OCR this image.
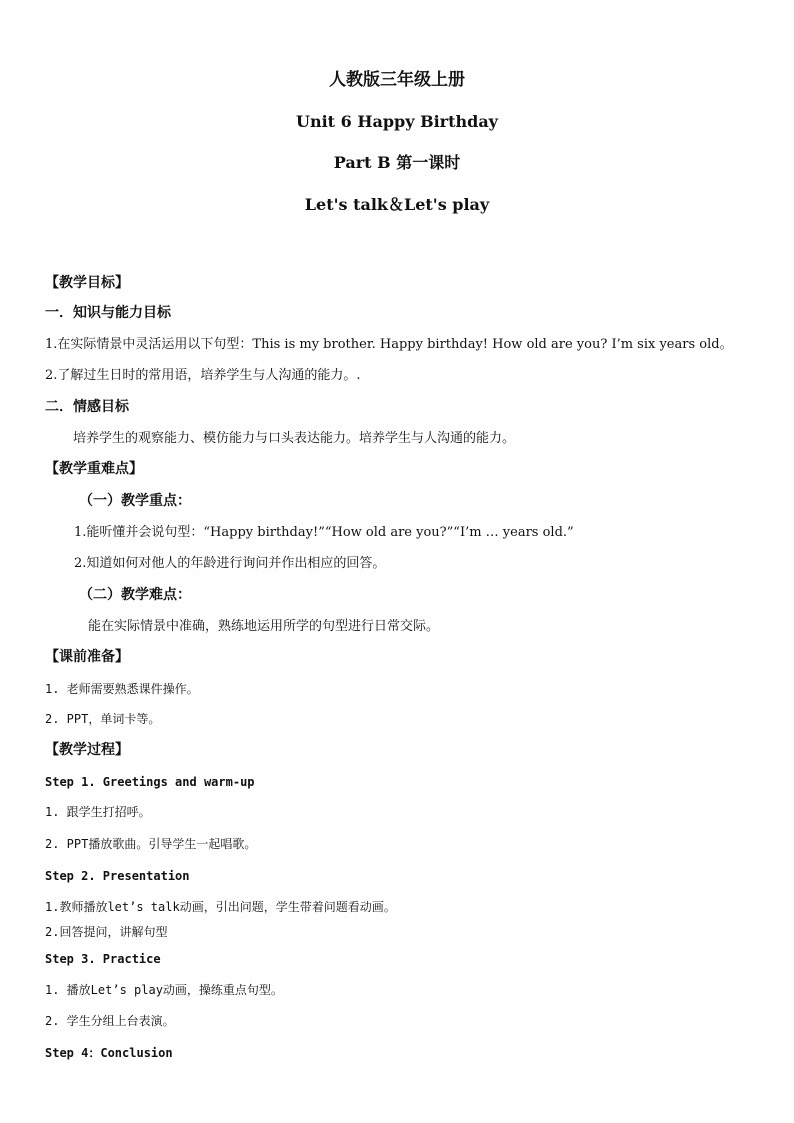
人教版三年级上册

Unit 6 Happy Birthday

Part B 第一课时

Let's talk＆Let's play

【教学目标】

一．知识与能力目标

1.在实际情景中灵活运用以下句型：This is my brother. Happy birthday! How old are you? I’m six years old。

2.了解过生日时的常用语，培养学生与人沟通的能力。.

二．情感目标

培养学生的观察能力、模仿能力与口头表达能力。培养学生与人沟通的能力。

【教学重难点】

（一）教学重点：

1.能听懂并会说句型：“Happy birthday!”“How old are you?”“I’m … years old.”

2.知道如何对他人的年龄进行询问并作出相应的回答。

（二）教学难点：

能在实际情景中准确，熟练地运用所学的句型进行日常交际。

【课前准备】

1. 老师需要熟悉课件操作。

2. PPT，单词卡等。

【教学过程】

Step 1. Greetings and warm-up

1. 跟学生打招呼。

2. PPT播放歌曲。引导学生一起唱歌。

Step 2. Presentation

1.教师播放let’s talk动画，引出问题，学生带着问题看动画。

2.回答提问，讲解句型

Step 3. Practice

1. 播放Let’s play动画，操练重点句型。

2. 学生分组上台表演。

Step 4：Conclusion
